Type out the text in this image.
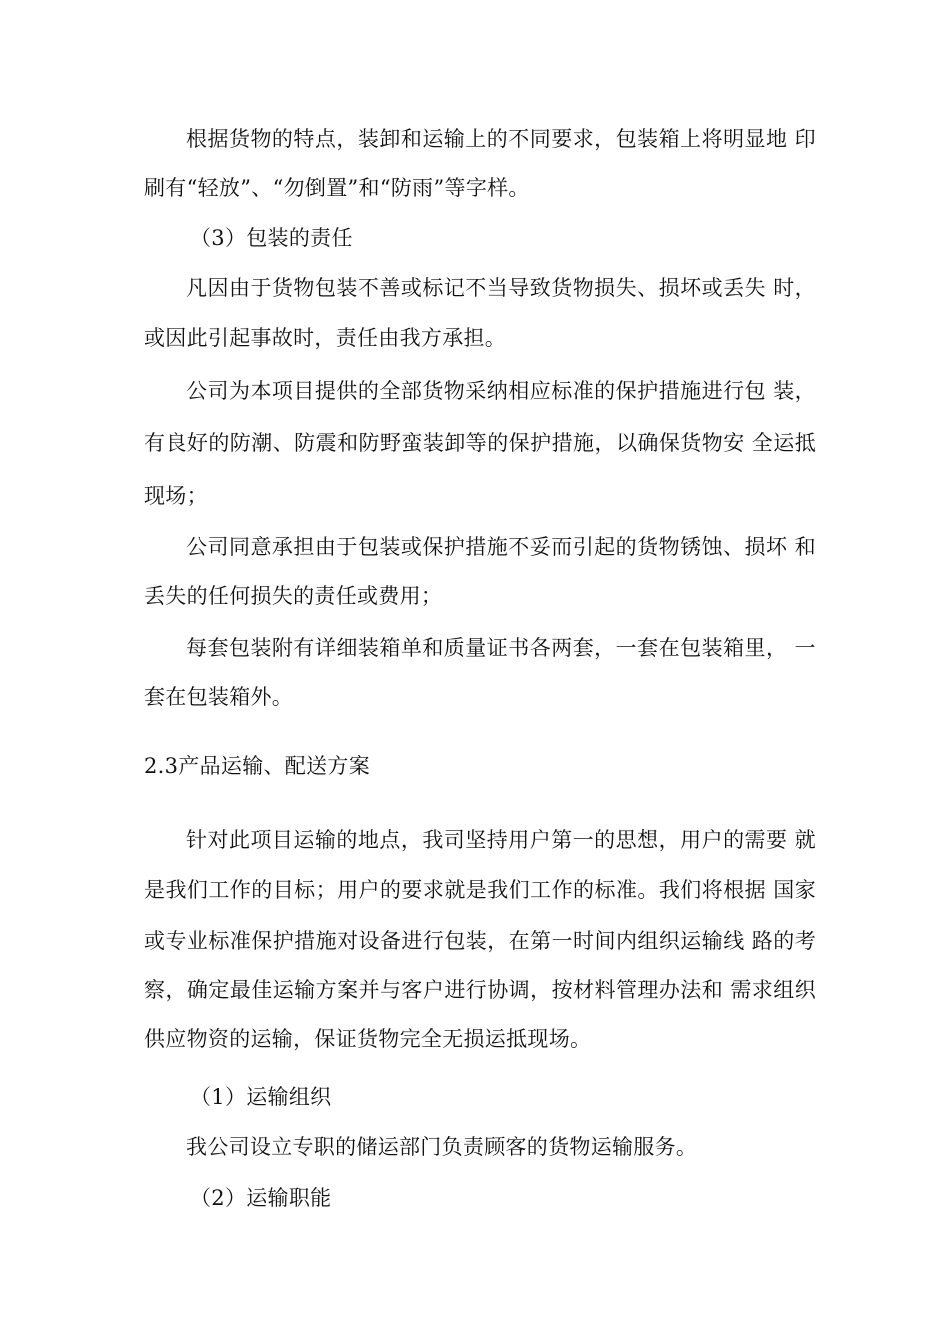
根据货物的特点，装卸和运输上的不同要求，包装箱上将明显地 印
刷有“轻放”、“勿倒置”和“防雨”等字样。
（3）包装的责任
凡因由于货物包装不善或标记不当导致货物损失、损坏或丢失 时，
或因此引起事故时，责任由我方承担。
公司为本项目提供的全部货物采纳相应标准的保护措施进行包 装，
有良好的防潮、防震和防野蛮装卸等的保护措施，以确保货物安 全运抵
现场；
公司同意承担由于包装或保护措施不妥而引起的货物锈蚀、损坏 和
丢失的任何损失的责任或费用；
每套包装附有详细装箱单和质量证书各两套，一套在包装箱里， 一
套在包装箱外。
2.3产品运输、配送方案
针对此项目运输的地点，我司坚持用户第一的思想，用户的需要 就
是我们工作的目标；用户的要求就是我们工作的标准。我们将根据 国家
或专业标准保护措施对设备进行包装，在第一时间内组织运输线 路的考
察，确定最佳运输方案并与客户进行协调，按材料管理办法和 需求组织
供应物资的运输，保证货物完全无损运抵现场。
（1）运输组织
我公司设立专职的储运部门负责顾客的货物运输服务。
（2）运输职能
